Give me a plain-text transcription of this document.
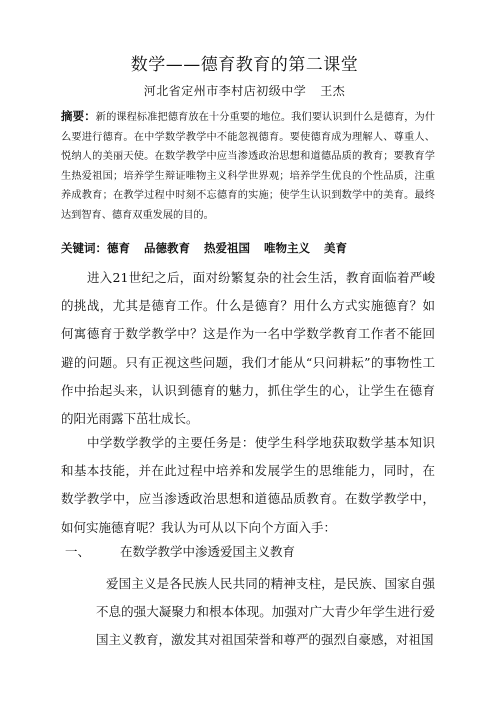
数学——德育教育的第二课堂
河北省定州市李村店初级中学 王杰
摘要：新的课程标准把德育放在十分重要的地位。我们要认识到什么是德育，为什么要进行德育。在中学数学教学中不能忽视德育。要使德育成为理解人、尊重人、悦纳人的美丽天使。在数学教学中应当渗透政治思想和道德品质的教育；要教育学生热爱祖国；培养学生辩证唯物主义科学世界观；培养学生优良的个性品质，注重养成教育；在教学过程中时刻不忘德育的实施；使学生认识到数学中的美育。最终达到智育、德育双重发展的目的。
关键词：德育 品德教育 热爱祖国 唯物主义 美育
进入21世纪之后，面对纷繁复杂的社会生活，教育面临着严峻的挑战，尤其是德育工作。什么是德育？用什么方式实施德育？如何寓德育于数学教学中？这是作为一名中学数学教育工作者不能回避的问题。只有正视这些问题，我们才能从“只问耕耘”的事物性工作中抬起头来，认识到德育的魅力，抓住学生的心，让学生在德育的阳光雨露下茁壮成长。
中学数学教学的主要任务是：使学生科学地获取数学基本知识和基本技能，并在此过程中培养和发展学生的思维能力，同时，在数学教学中，应当渗透政治思想和道德品质教育。在数学教学中，如何实施德育呢？我认为可从以下向个方面入手：
一、 在数学教学中渗透爱国主义教育
爱国主义是各民族人民共同的精神支柱，是民族、国家自强不息的强大凝聚力和根本体现。加强对广大青少年学生进行爱国主义教育，激发其对祖国荣誉和尊严的强烈自豪感，对祖国
